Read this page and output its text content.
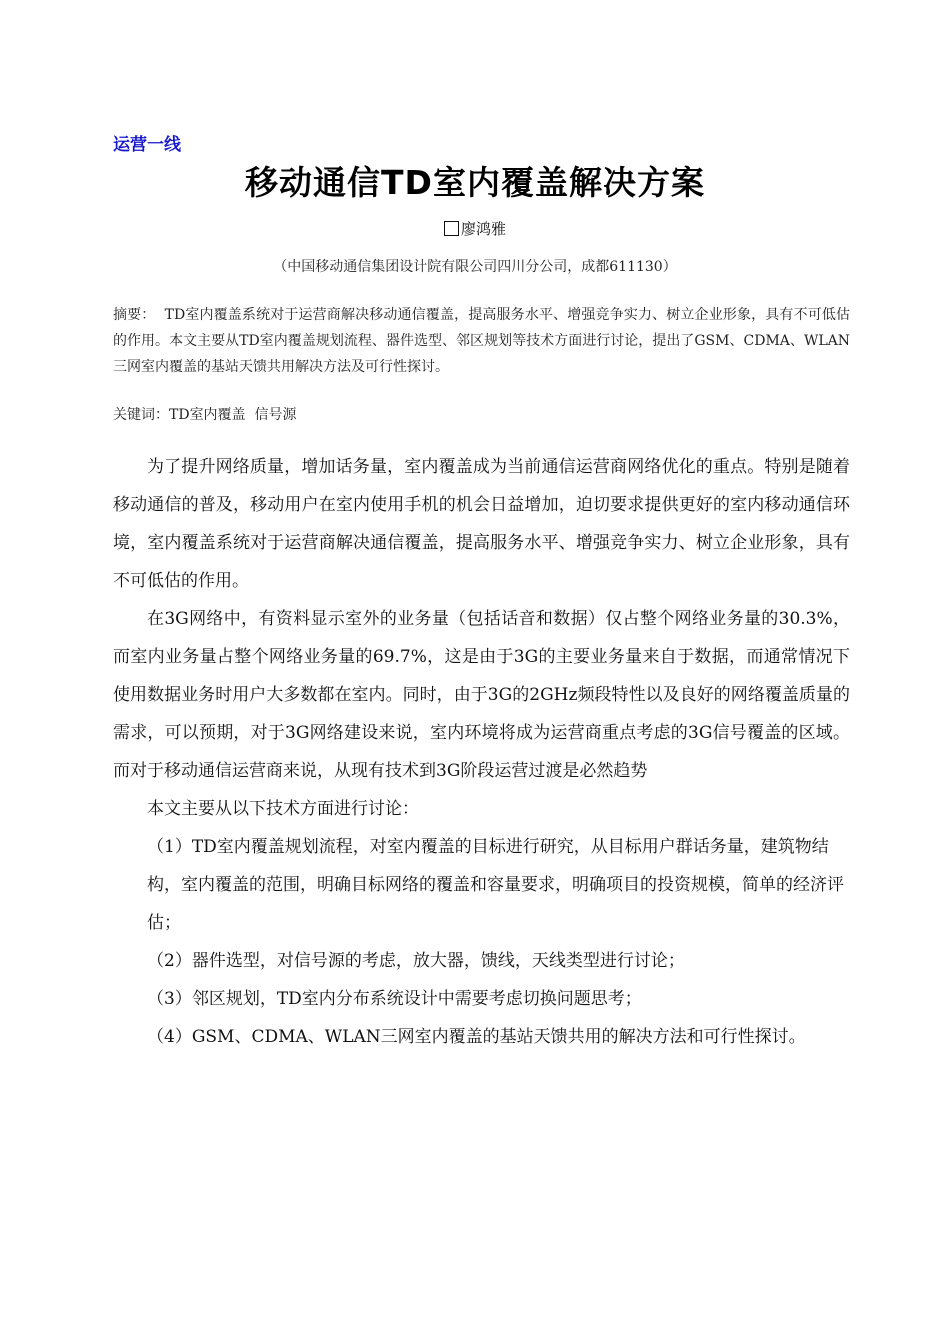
运营一线
移动通信TD室内覆盖解决方案
廖鸿雅
（中国移动通信集团设计院有限公司四川分公司，成都611130）
摘要： TD室内覆盖系统对于运营商解决移动通信覆盖，提高服务水平、增强竞争实力、树立企业形象，具有不可低估的作用。本文主要从TD室内覆盖规划流程、器件选型、邻区规划等技术方面进行讨论，提出了GSM、CDMA、WLAN三网室内覆盖的基站天馈共用解决方法及可行性探讨。
关键词：TD室内覆盖  信号源

为了提升网络质量，增加话务量，室内覆盖成为当前通信运营商网络优化的重点。特别是随着移动通信的普及，移动用户在室内使用手机的机会日益增加，迫切要求提供更好的室内移动通信环境，室内覆盖系统对于运营商解决通信覆盖，提高服务水平、增强竞争实力、树立企业形象，具有不可低估的作用。

在3G网络中，有资料显示室外的业务量（包括话音和数据）仅占整个网络业务量的30.3%，而室内业务量占整个网络业务量的69.7%，这是由于3G的主要业务量来自于数据，而通常情况下使用数据业务时用户大多数都在室内。同时，由于3G的2GHz频段特性以及良好的网络覆盖质量的需求，可以预期，对于3G网络建设来说，室内环境将成为运营商重点考虑的3G信号覆盖的区域。而对于移动通信运营商来说，从现有技术到3G阶段运营过渡是必然趋势

本文主要从以下技术方面进行讨论：

（1）TD室内覆盖规划流程，对室内覆盖的目标进行研究，从目标用户群话务量，建筑物结构，室内覆盖的范围，明确目标网络的覆盖和容量要求，明确项目的投资规模，简单的经济评估；
（2）器件选型，对信号源的考虑，放大器，馈线，天线类型进行讨论；
（3）邻区规划，TD室内分布系统设计中需要考虑切换问题思考；
（4）GSM、CDMA、WLAN三网室内覆盖的基站天馈共用的解决方法和可行性探讨。
